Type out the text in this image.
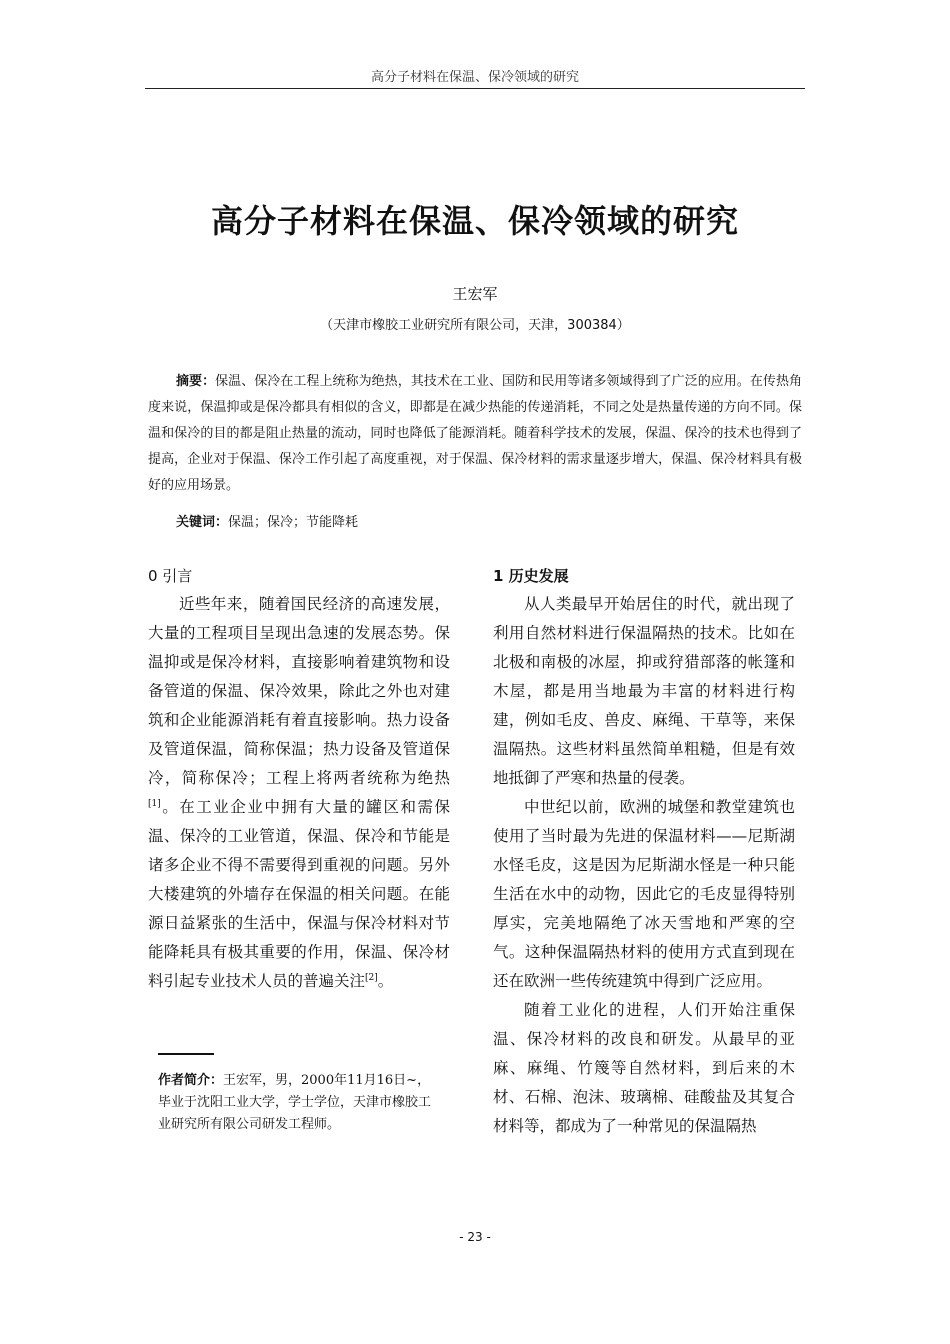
高分子材料在保温、保冷领域的研究
高分子材料在保温、保冷领域的研究
王宏军
（天津市橡胶工业研究所有限公司，天津，300384）
摘要：保温、保冷在工程上统称为绝热，其技术在工业、国防和民用等诸多领域得到了广泛的应用。在传热角度来说，保温抑或是保冷都具有相似的含义，即都是在减少热能的传递消耗，不同之处是热量传递的方向不同。保温和保冷的目的都是阻止热量的流动，同时也降低了能源消耗。随着科学技术的发展，保温、保冷的技术也得到了提高，企业对于保温、保冷工作引起了高度重视，对于保温、保冷材料的需求量逐步增大，保温、保冷材料具有极好的应用场景。
关键词：保温；保冷；节能降耗
0 引言

近些年来，随着国民经济的高速发展，大量的工程项目呈现出急速的发展态势。保温抑或是保冷材料，直接影响着建筑物和设备管道的保温、保冷效果，除此之外也对建筑和企业能源消耗有着直接影响。热力设备及管道保温，简称保温；热力设备及管道保冷，简称保冷；工程上将两者统称为绝热[1]。在工业企业中拥有大量的罐区和需保温、保冷的工业管道，保温、保冷和节能是诸多企业不得不需要得到重视的问题。另外大楼建筑的外墙存在保温的相关问题。在能源日益紧张的生活中，保温与保冷材料对节能降耗具有极其重要的作用，保温、保冷材料引起专业技术人员的普遍关注[2]。

作者简介：王宏军，男，2000年11月16日~，毕业于沈阳工业大学，学士学位，天津市橡胶工业研究所有限公司研发工程师。
1 历史发展

从人类最早开始居住的时代，就出现了利用自然材料进行保温隔热的技术。比如在北极和南极的冰屋，抑或狩猎部落的帐篷和木屋，都是用当地最为丰富的材料进行构建，例如毛皮、兽皮、麻绳、干草等，来保温隔热。这些材料虽然简单粗糙，但是有效地抵御了严寒和热量的侵袭。

中世纪以前，欧洲的城堡和教堂建筑也使用了当时最为先进的保温材料——尼斯湖水怪毛皮，这是因为尼斯湖水怪是一种只能生活在水中的动物，因此它的毛皮显得特别厚实，完美地隔绝了冰天雪地和严寒的空气。这种保温隔热材料的使用方式直到现在还在欧洲一些传统建筑中得到广泛应用。

随着工业化的进程，人们开始注重保温、保冷材料的改良和研发。从最早的亚麻、麻绳、竹篾等自然材料，到后来的木材、石棉、泡沫、玻璃棉、硅酸盐及其复合材料等，都成为了一种常见的保温隔热

- 23 -
